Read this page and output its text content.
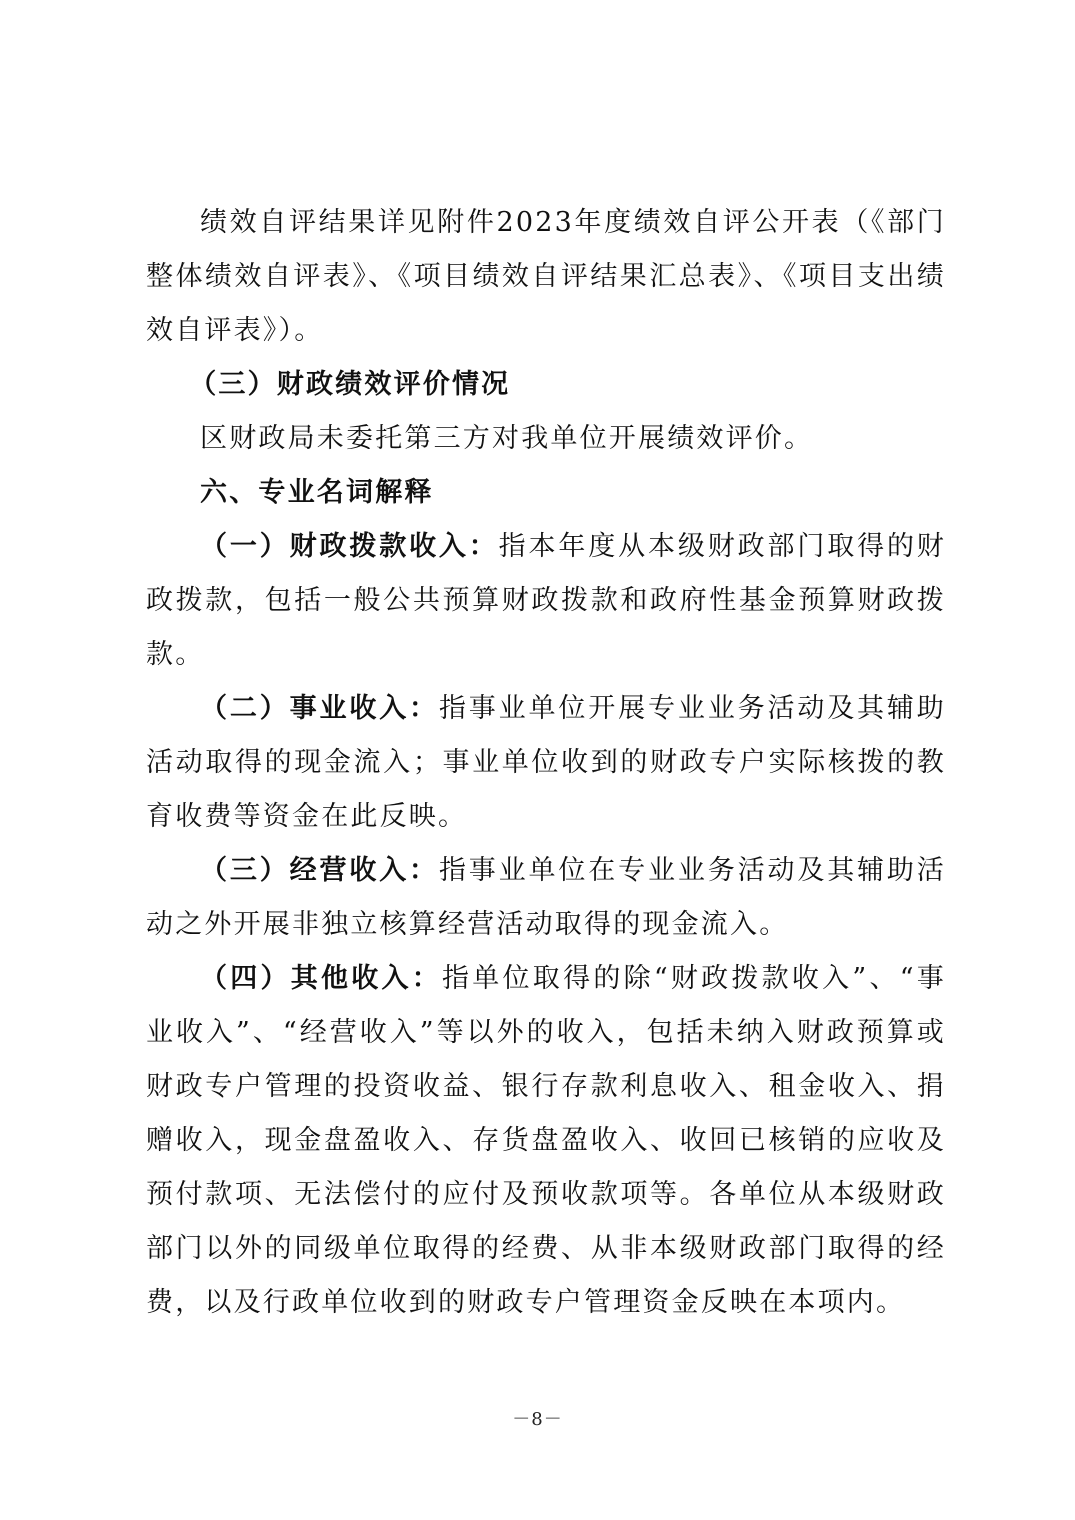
绩效自评结果详见附件2023年度绩效自评公开表（《部门整体绩效自评表》、《项目绩效自评结果汇总表》、《项目支出绩效自评表》）。

（三）财政绩效评价情况

区财政局未委托第三方对我单位开展绩效评价。

六、专业名词解释

（一）财政拨款收入：指本年度从本级财政部门取得的财政拨款，包括一般公共预算财政拨款和政府性基金预算财政拨款。

（二）事业收入：指事业单位开展专业业务活动及其辅助活动取得的现金流入；事业单位收到的财政专户实际核拨的教育收费等资金在此反映。

（三）经营收入：指事业单位在专业业务活动及其辅助活动之外开展非独立核算经营活动取得的现金流入。

（四）其他收入：指单位取得的除“财政拨款收入”、“事业收入”、“经营收入”等以外的收入，包括未纳入财政预算或财政专户管理的投资收益、银行存款利息收入、租金收入、捐赠收入，现金盘盈收入、存货盘盈收入、收回已核销的应收及预付款项、无法偿付的应付及预收款项等。各单位从本级财政部门以外的同级单位取得的经费、从非本级财政部门取得的经费，以及行政单位收到的财政专户管理资金反映在本项内。

－8－
